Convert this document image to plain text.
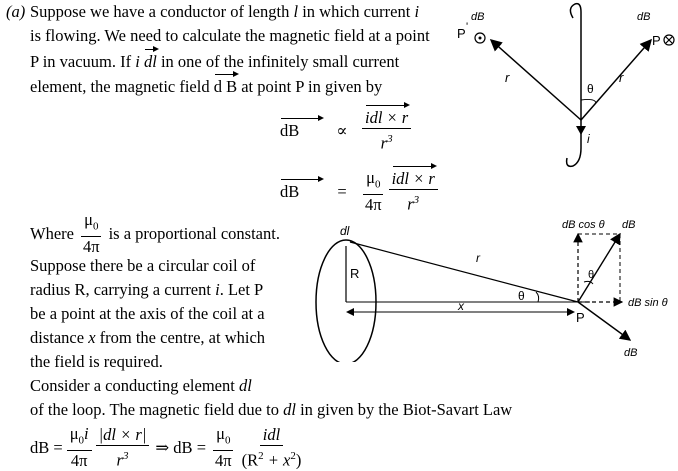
(a) Suppose we have a conductor of length l in which current i
is flowing. We need to calculate the magnetic field at a point
P in vacuum. If i dl in one of the infinitely small current
element, the magnetic field d B at point P in given by
dB	∝ $\frac{\text{idl × r}}{r^3}$
dB	= $\frac{\mu_0}{4\pi} \frac{\text{idl × r}}{r^3}$
Where $\frac{\mu_0}{4\pi}$ is a proportional constant.
Suppose there be a circular coil of
radius R, carrying a current i. Let P
be a point at the axis of the coil at a
distance x from the centre, at which
the field is required.
Consider a conducting element dl
of the loop. The magnetic field due to dl in given by the Biot-Savart Law
dB = $\frac{\mu_0i}{4\pi} \frac{|dl \times r|}{r^3}$ ⇒ dB = $\frac{\mu_0}{4\pi} \frac{\text{idl}}{(R^2 + x^2)}$
θ
P '
dB
P
dB
r	r
i
R
dl
r
θ
x
P
θ
dB cos θ dB
dB sin θ
dB
